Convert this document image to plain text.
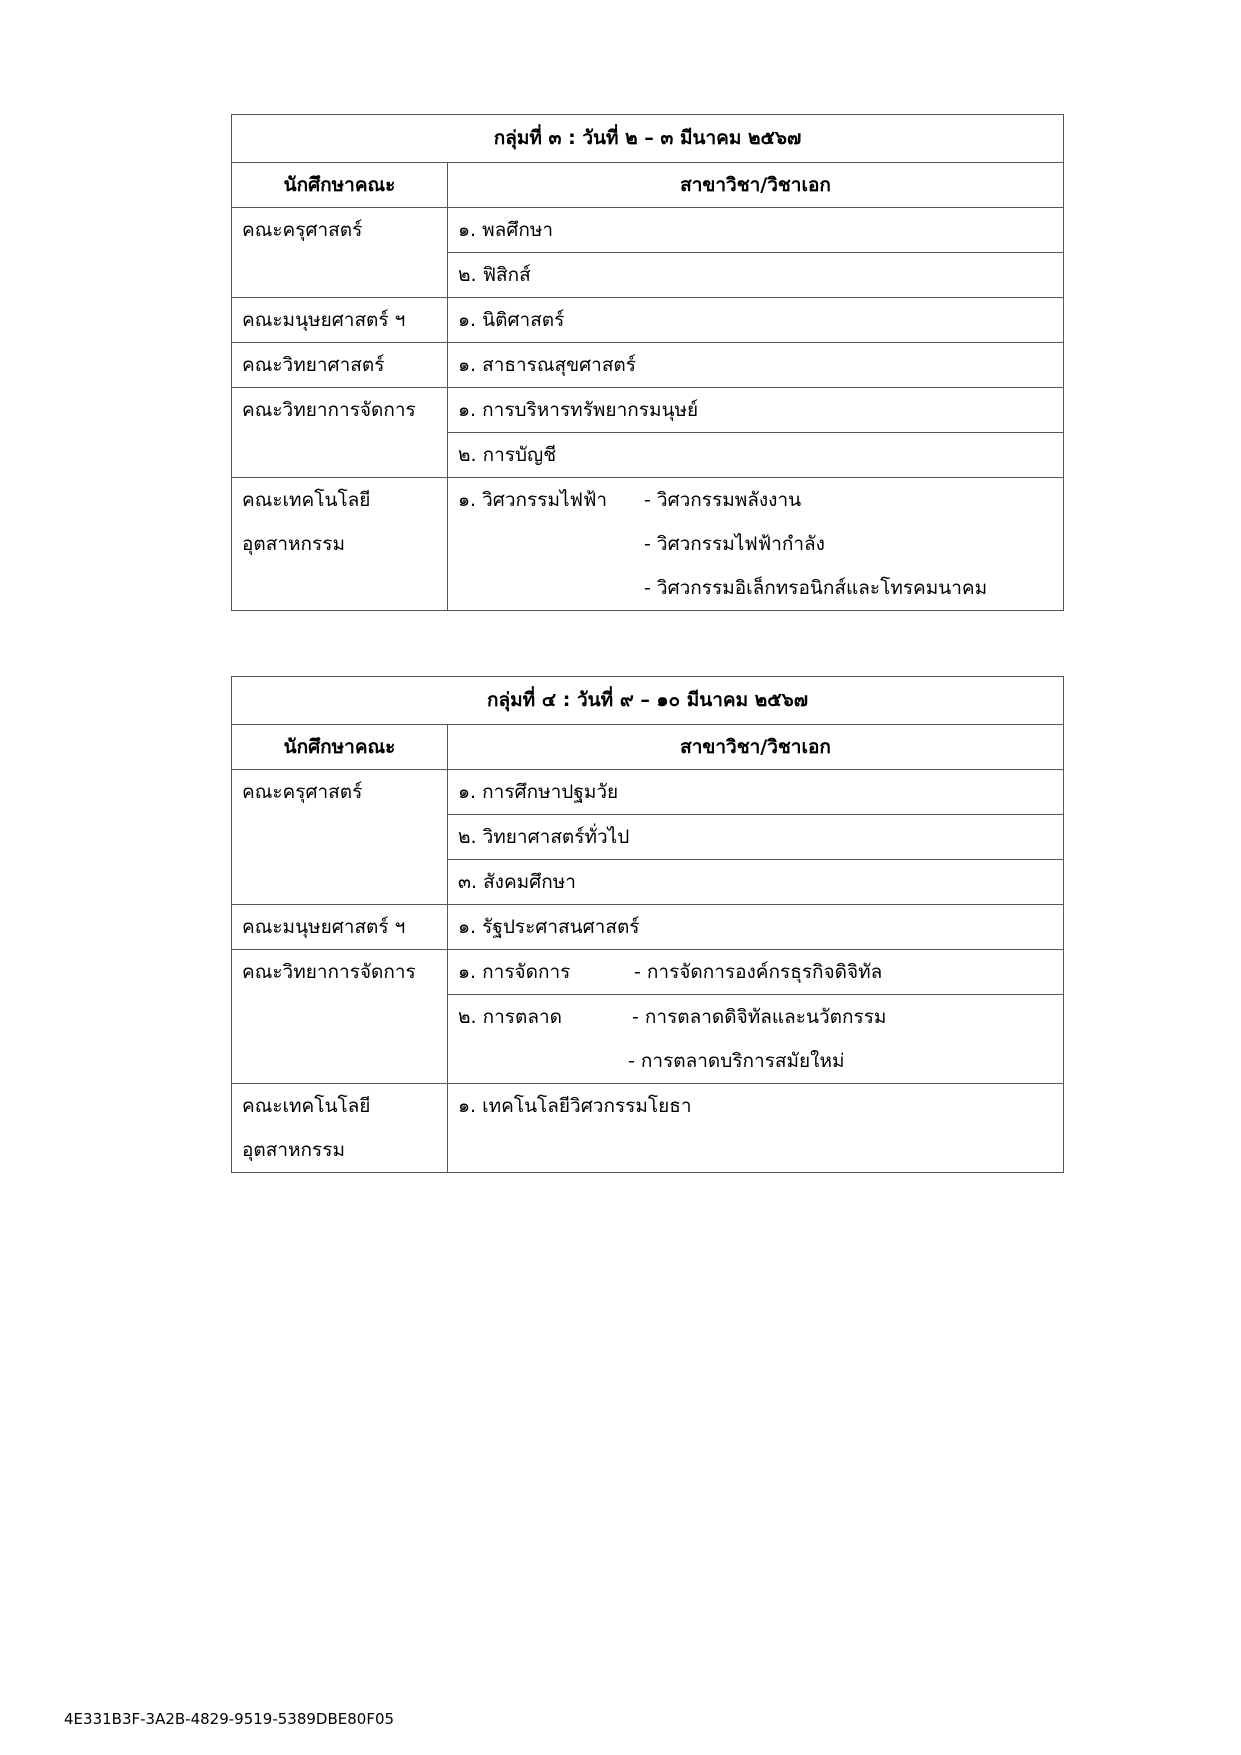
กลุ่มที่ ๓ : วันที่ ๒ – ๓ มีนาคม ๒๕๖๗	
นักศึกษาคณะ	สาขาวิชา/วิชาเอก
คณะครุศาสตร์	๑. พลศึกษา
	๒. ฟิสิกส์
คณะมนุษยศาสตร์ ฯ	๑. นิติศาสตร์
คณะวิทยาศาสตร์	๑. สาธารณสุขศาสตร์
คณะวิทยาการจัดการ	๑. การบริหารทรัพยากรมนุษย์
	๒. การบัญชี

คณะเทคโนโลยี
อุตสาหกรรม	๑. วิศวกรรมไฟฟ้า - วิศวกรรมพลังงาน
- วิศวกรรมไฟฟ้ากำลัง
- วิศวกรรมอิเล็กทรอนิกส์และโทรคมนาคม
กลุ่มที่ ๔ : วันที่ ๙ – ๑๐ มีนาคม ๒๕๖๗	
นักศึกษาคณะ	สาขาวิชา/วิชาเอก
คณะครุศาสตร์	๑. การศึกษาปฐมวัย
	๒. วิทยาศาสตร์ทั่วไป
	๓. สังคมศึกษา
คณะมนุษยศาสตร์ ฯ	๑. รัฐประศาสนศาสตร์
คณะวิทยาการจัดการ	๑. การจัดการ - การจัดการองค์กรธุรกิจดิจิทัล
	๒. การตลาด - การตลาดดิจิทัลและนวัตกรรม
- การตลาดบริการสมัยใหม่

คณะเทคโนโลยี
อุตสาหกรรม	๑. เทคโนโลยีวิศวกรรมโยธา
4E331B3F-3A2B-4829-9519-5389DBE80F05
